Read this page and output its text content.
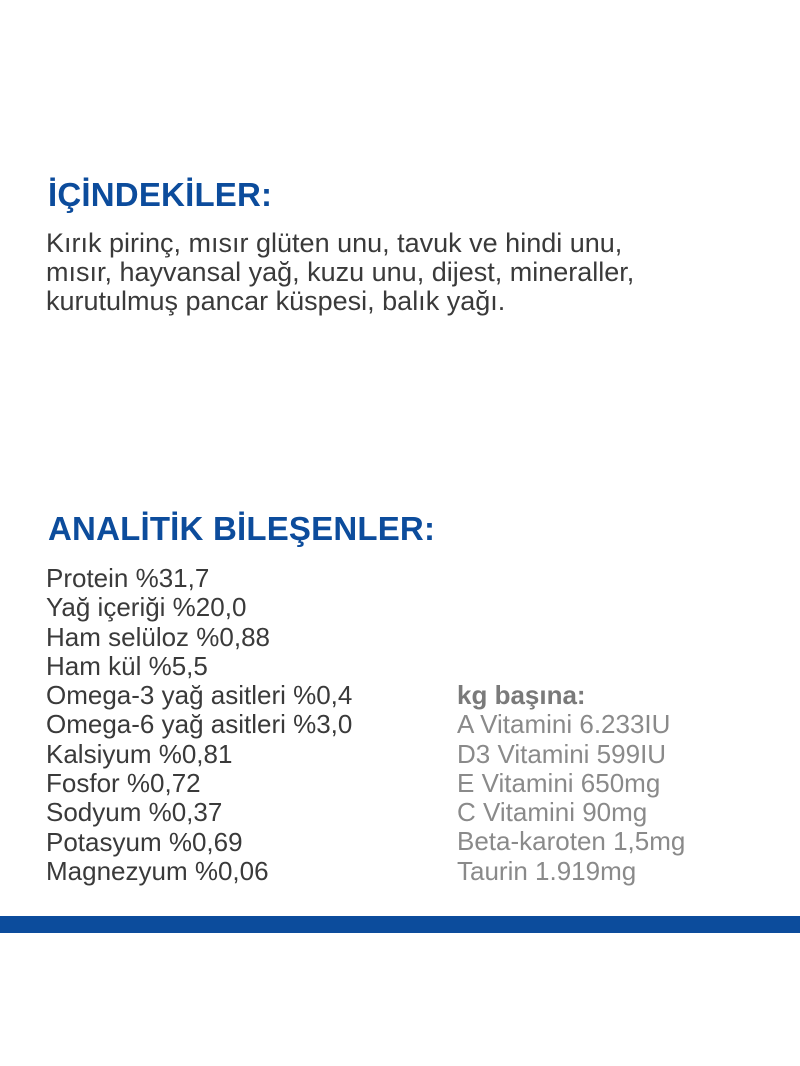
İÇİNDEKİLER:
Kırık pirinç, mısır glüten unu, tavuk ve hindi unu,
mısır, hayvansal yağ, kuzu unu, dijest, mineraller,
kurutulmuş pancar küspesi, balık yağı.
ANALİTİK BİLEŞENLER:
Protein %31,7
Yağ içeriği %20,0
Ham selüloz %0,88
Ham kül %5,5
Omega-3 yağ asitleri %0,4
Omega-6 yağ asitleri %3,0
Kalsiyum %0,81
Fosfor %0,72
Sodyum %0,37
Potasyum %0,69
Magnezyum %0,06
kg başına:
A Vitamini 6.233IU
D3 Vitamini 599IU
E Vitamini 650mg
C Vitamini 90mg
Beta-karoten 1,5mg
Taurin 1.919mg
